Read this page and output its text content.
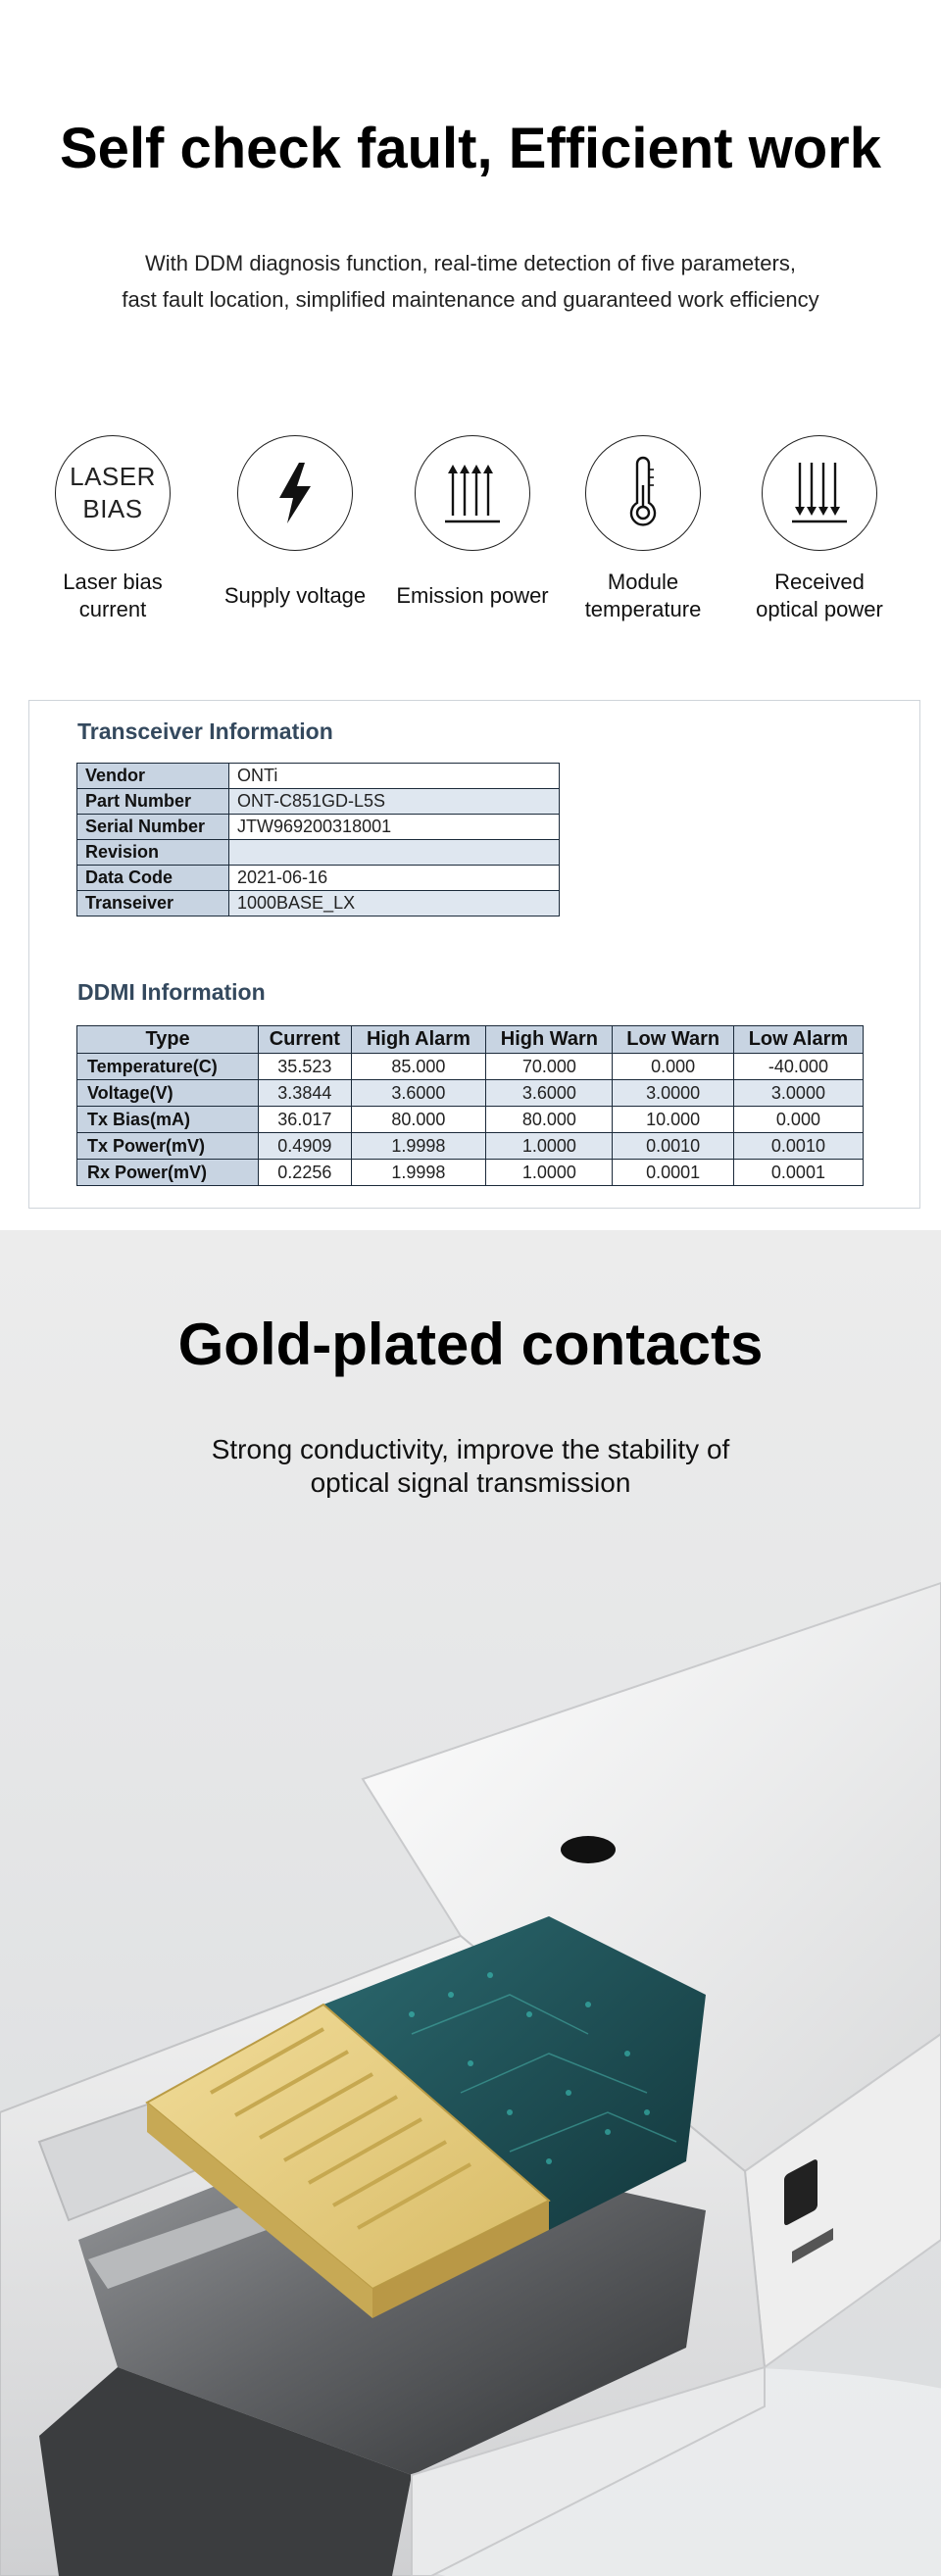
Self check fault, Efficient work
With DDM diagnosis function, real-time detection of five parameters,
fast fault location, simplified maintenance and guaranteed work efficiency
LASER
BIAS
Laser bias
current
Supply voltage	Emission power
Module
temperature
Received
optical power
Transceiver Information
Vendor	ONTi
Part Number	ONT-C851GD-L5S
Serial Number	JTW969200318001
Revision	
Data Code	2021-06-16
Transeiver	1000BASE_LX
DDMI Information
Type	Current	High Alarm	High Warn	Low Warn	Low Alarm
Temperature(C)	35.523	85.000	70.000	0.000	-40.000
Voltage(V)	3.3844	3.6000	3.6000	3.0000	3.0000
Tx Bias(mA)	36.017	80.000	80.000	10.000	0.000
Tx Power(mV)	0.4909	1.9998	1.0000	0.0010	0.0010
Rx Power(mV)	0.2256	1.9998	1.0000	0.0001	0.0001
Gold-plated contacts
Strong conductivity, improve the stability of
optical signal transmission
